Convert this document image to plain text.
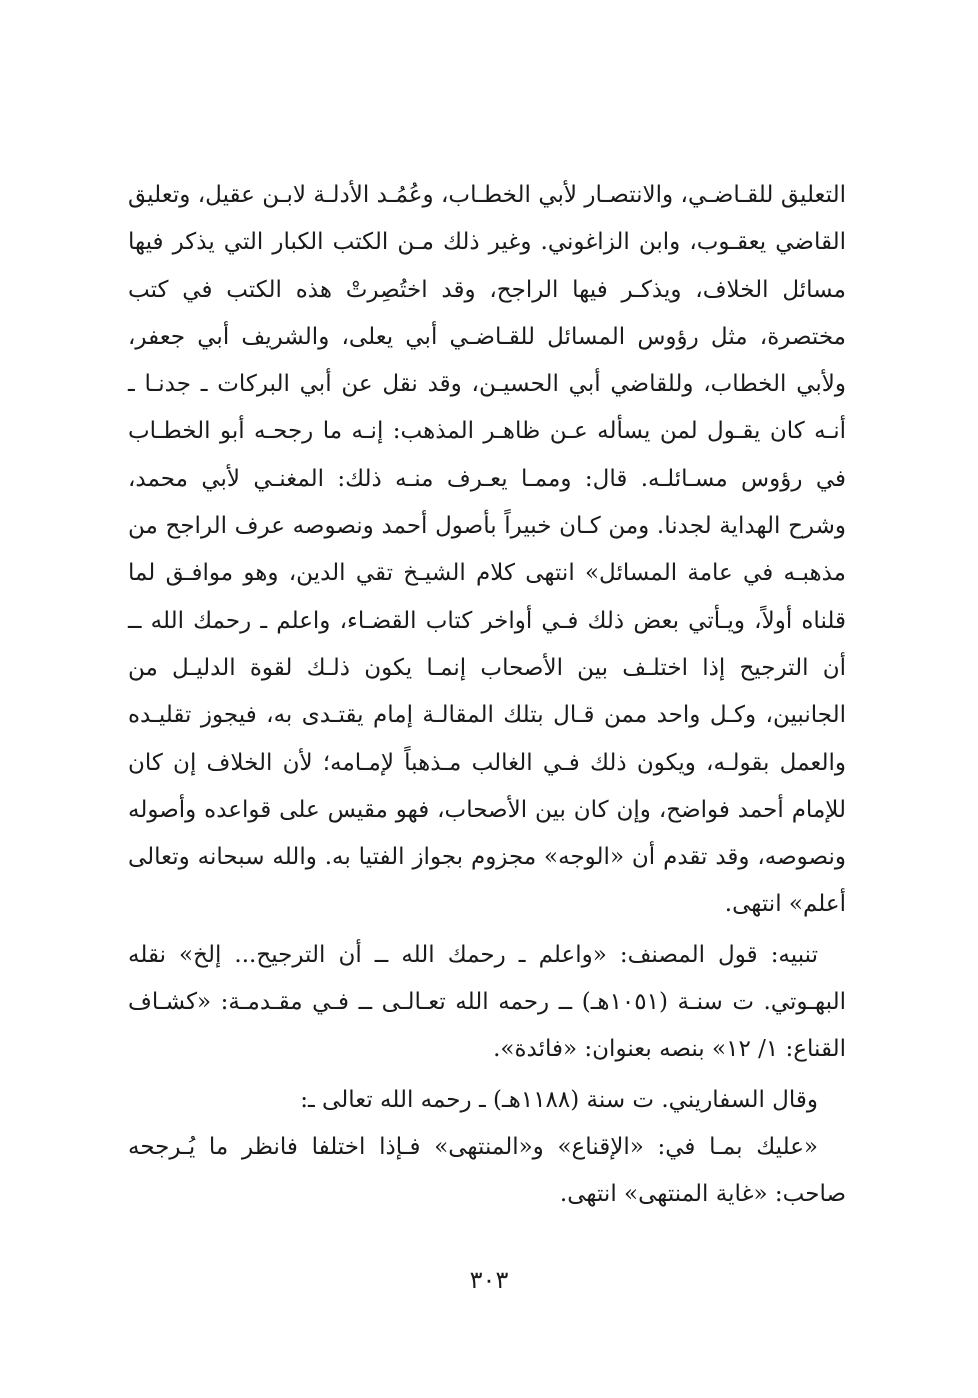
التعليق للقـاضـي، والانتصـار لأبي الخطـاب، وعُمُـد الأدلـة لابـن عقيل، وتعليق القاضي يعقـوب، وابن الزاغوني. وغير ذلك مـن الكتب الكبار التي يذكر فيها مسائل الخلاف، ويذكـر فيها الراجح، وقد اختُصِرتْ هذه الكتب في كتب مختصرة، مثل رؤوس المسائل للقـاضـي أبي يعلى، والشريف أبي جعفر، ولأبي الخطاب، وللقاضي أبي الحسيـن، وقد نقل عن أبي البركات ـ جدنـا ـ أنـه كان يقـول لمن يسأله عـن ظاهـر المذهب: إنـه ما رجحـه أبو الخطـاب في رؤوس مسـائلـه. قال: وممـا يعـرف منـه ذلك: المغنـي لأبي محمد، وشرح الهداية لجدنا. ومن كـان خبيراً بأصول أحمد ونصوصه عرف الراجح من مذهبـه في عامة المسائل» انتهى كلام الشيـخ تقي الدين، وهو موافـق لما قلناه أولاً، ويـأتي بعض ذلك فـي أواخر كتاب القضـاء، واعلم ـ رحمك الله ــ أن الترجيح إذا اختلـف بين الأصحاب إنمـا يكون ذلـك لقوة الدليـل من الجانبين، وكـل واحد ممن قـال بتلك المقالـة إمام يقتـدى به، فيجوز تقليـده والعمل بقولـه، ويكون ذلك فـي الغالب مـذهباً لإمـامه؛ لأن الخلاف إن كان للإمام أحمد فواضح، وإن كان بين الأصحاب، فهو مقيس على قواعده وأصوله ونصوصه، وقد تقدم أن «الوجه» مجزوم بجواز الفتيا به. والله سبحانه وتعالى أعلم» انتهى.

تنبيه: قول المصنف: «واعلم ـ رحمك الله ــ أن الترجيح... إلخ» نقله البهـوتي. ت سنـة (١٠٥١هـ) ــ رحمه الله تعـالـى ــ فـي مقـدمـة: «كشـاف القناع: ١/ ١٢» بنصه بعنوان: «فائدة».

وقال السفاريني. ت سنة (١١٨٨هـ) ـ رحمه الله تعالى ـ:

«عليك بمـا في: «الإقناع» و«المنتهى» فـإذا اختلفا فانظر ما يُـرجحه صاحب: «غاية المنتهى» انتهى.

٣٠٣
